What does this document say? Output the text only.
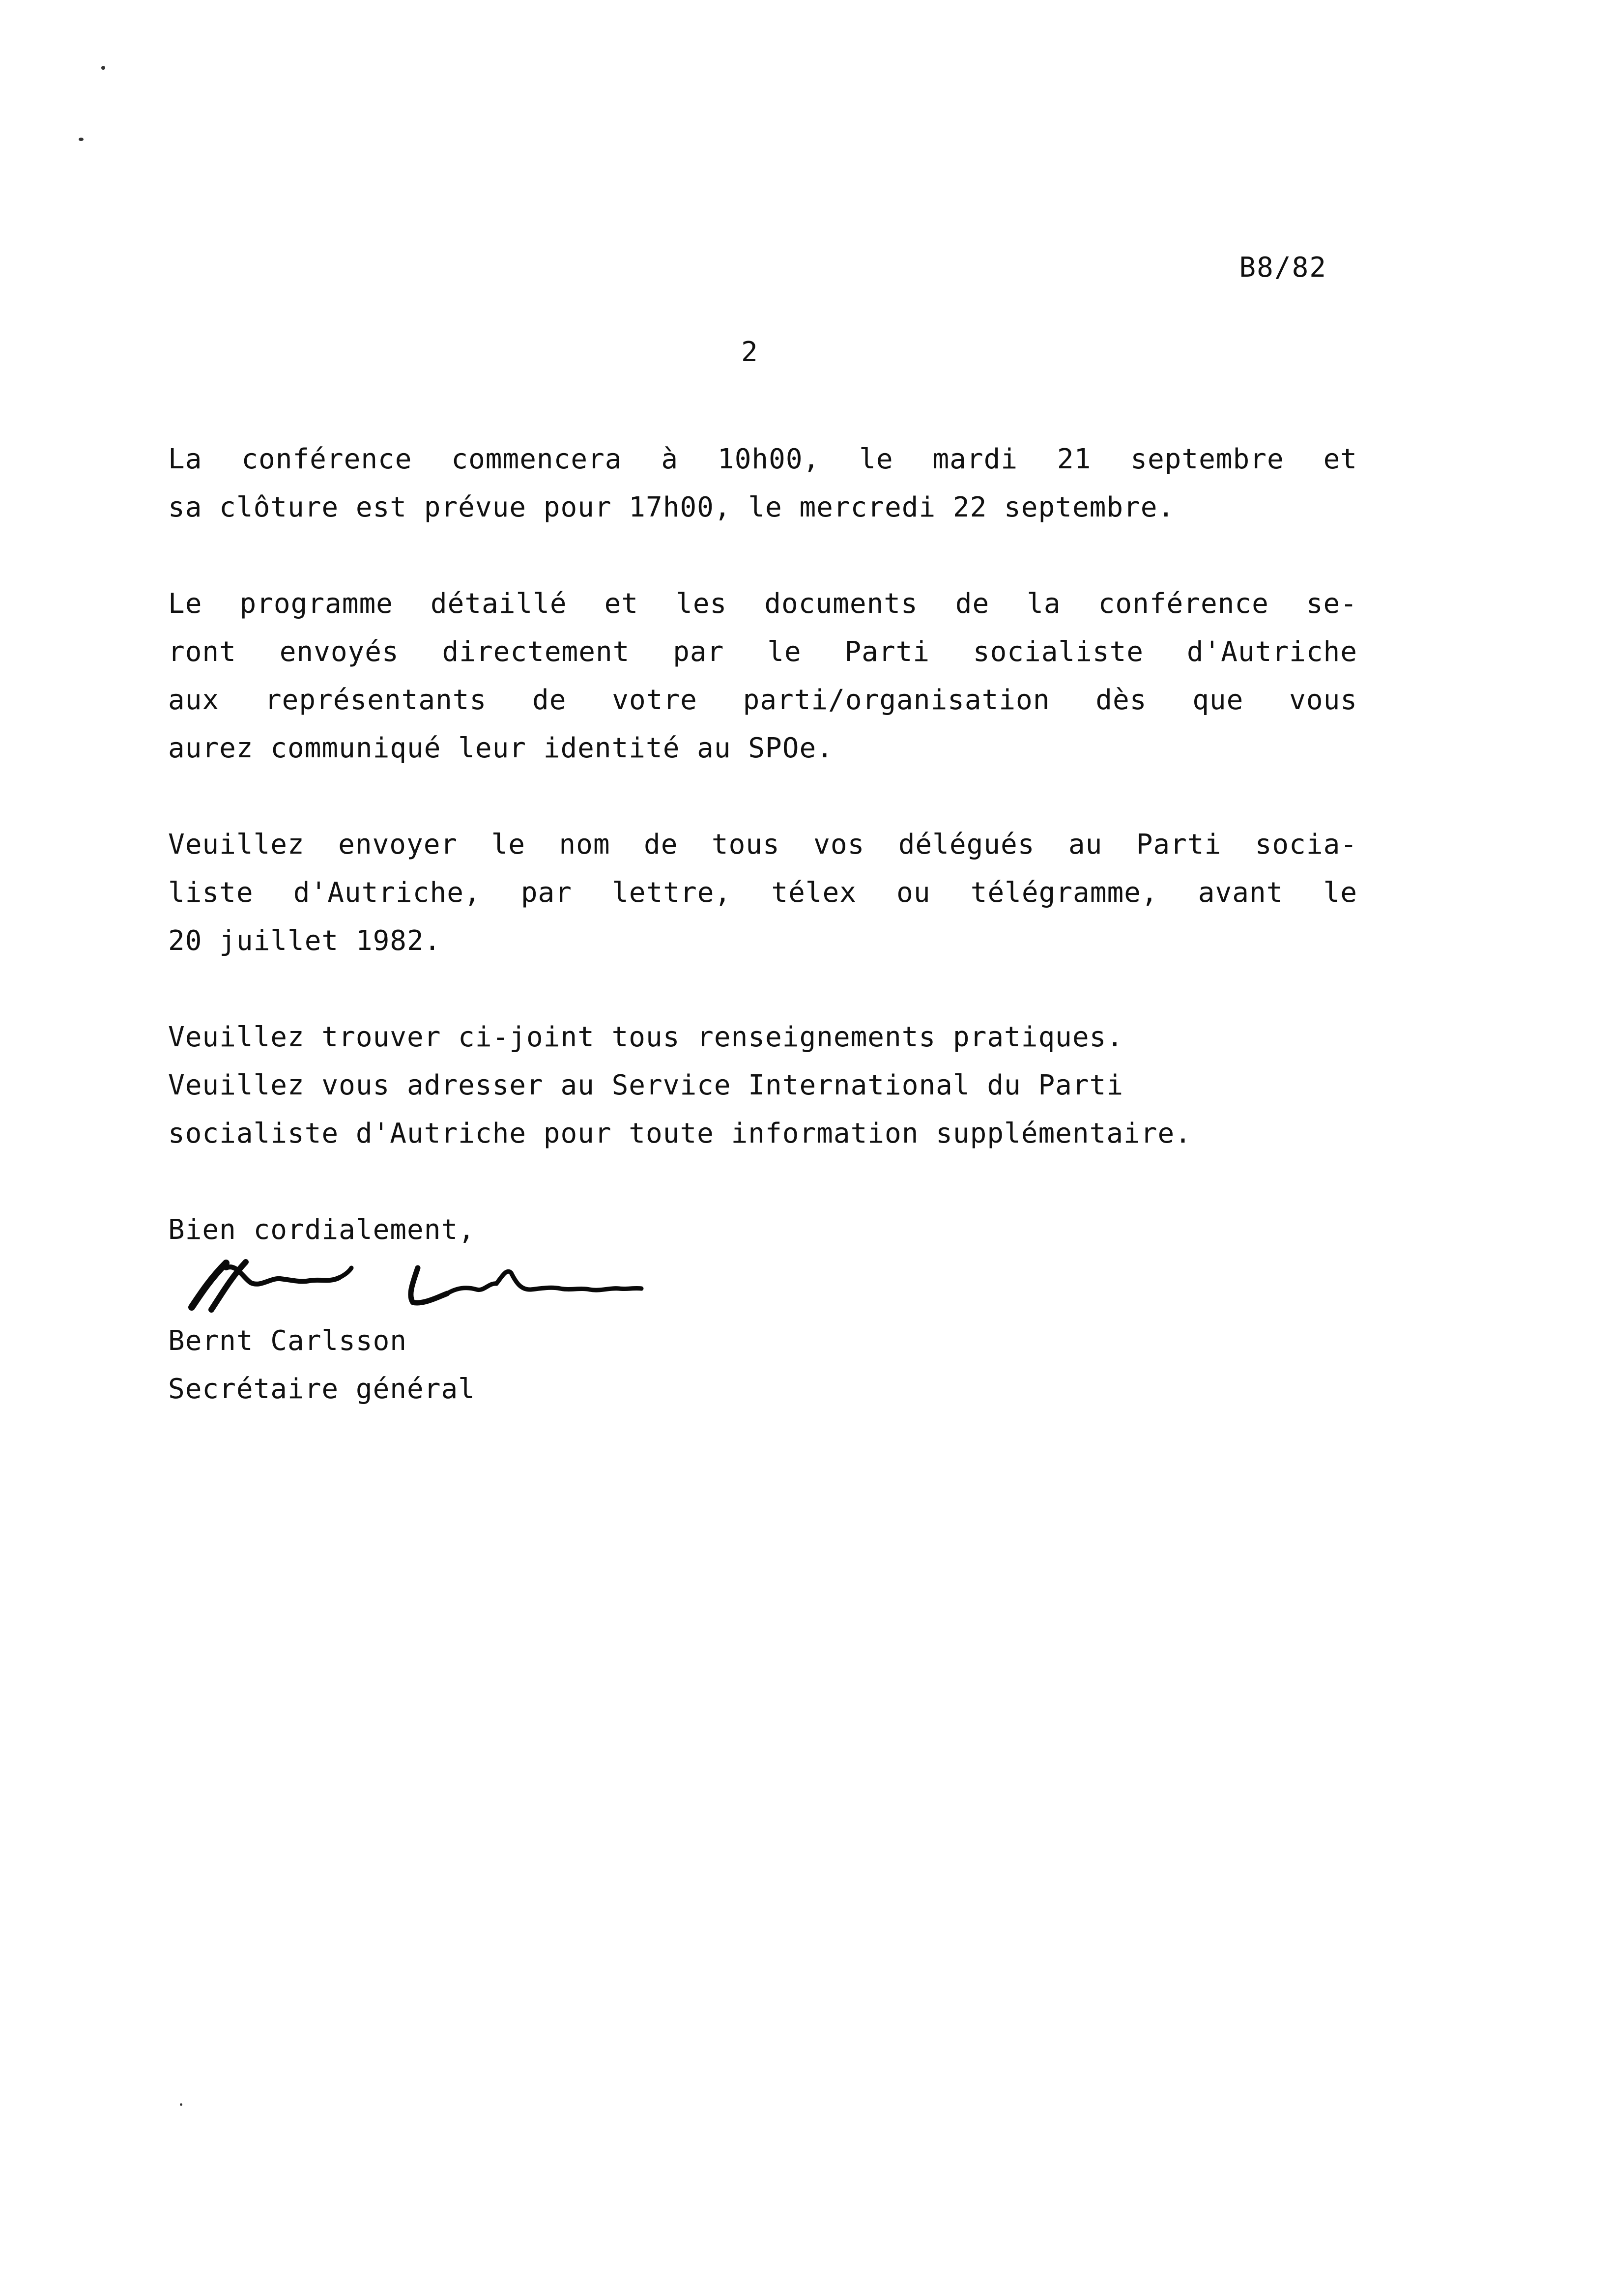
B8/82
2

La conférence commencera à 10h00, le mardi 21 septembre et
sa clôture est prévue pour 17h00, le mercredi 22 septembre.

Le programme détaillé et les documents de la conférence se-
ront envoyés directement par le Parti socialiste d'Autriche
aux représentants de votre parti/organisation dès que vous
aurez communiqué leur identité au SPOe.

Veuillez envoyer le nom de tous vos délégués au Parti socia-
liste d'Autriche, par lettre, télex ou télégramme, avant le
20 juillet 1982.

Veuillez trouver ci-joint tous renseignements pratiques.
Veuillez vous adresser au Service International du Parti
socialiste d'Autriche pour toute information supplémentaire.

Bien cordialement,

Bernt Carlsson
Secrétaire général
